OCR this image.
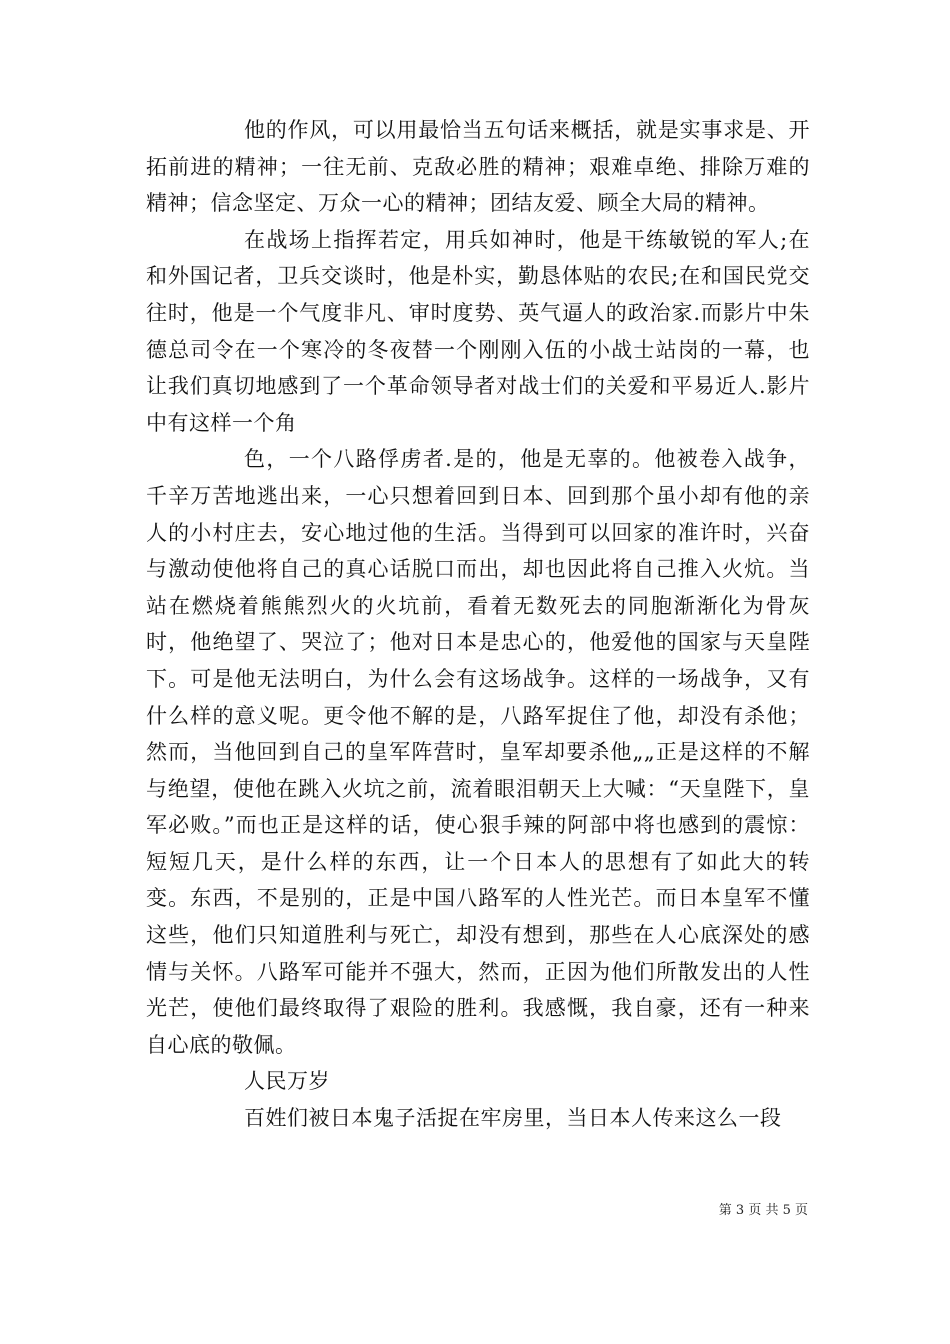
他的作风，可以用最恰当五句话来概括，就是实事求是、开拓前进的精神；一往无前、克敌必胜的精神；艰难卓绝、排除万难的精神；信念坚定、万众一心的精神；团结友爱、顾全大局的精神。

在战场上指挥若定，用兵如神时，他是干练敏锐的军人;在和外国记者，卫兵交谈时，他是朴实，勤恳体贴的农民;在和国民党交往时，他是一个气度非凡、审时度势、英气逼人的政治家.而影片中朱德总司令在一个寒冷的冬夜替一个刚刚入伍的小战士站岗的一幕，也让我们真切地感到了一个革命领导者对战士们的关爱和平易近人.影片中有这样一个角

色，一个八路俘虏者.是的，他是无辜的。他被卷入战争，千辛万苦地逃出来，一心只想着回到日本、回到那个虽小却有他的亲人的小村庄去，安心地过他的生活。当得到可以回家的准许时，兴奋与激动使他将自己的真心话脱口而出，却也因此将自己推入火炕。当站在燃烧着熊熊烈火的火坑前，看着无数死去的同胞渐渐化为骨灰时，他绝望了、哭泣了；他对日本是忠心的，他爱他的国家与天皇陛下。可是他无法明白，为什么会有这场战争。这样的一场战争，又有什么样的意义呢。更令他不解的是，八路军捉住了他，却没有杀他；然而，当他回到自己的皇军阵营时，皇军却要杀他„„正是这样的不解与绝望，使他在跳入火坑之前，流着眼泪朝天上大喊：“天皇陛下，皇军必败。”而也正是这样的话，使心狠手辣的阿部中将也感到的震惊：短短几天，是什么样的东西，让一个日本人的思想有了如此大的转变。东西，不是别的，正是中国八路军的人性光芒。而日本皇军不懂这些，他们只知道胜利与死亡，却没有想到，那些在人心底深处的感情与关怀。八路军可能并不强大，然而，正因为他们所散发出的人性光芒，使他们最终取得了艰险的胜利。我感慨，我自豪，还有一种来自心底的敬佩。

人民万岁

百姓们被日本鬼子活捉在牢房里，当日本人传来这么一段

第 3 页 共 5 页
